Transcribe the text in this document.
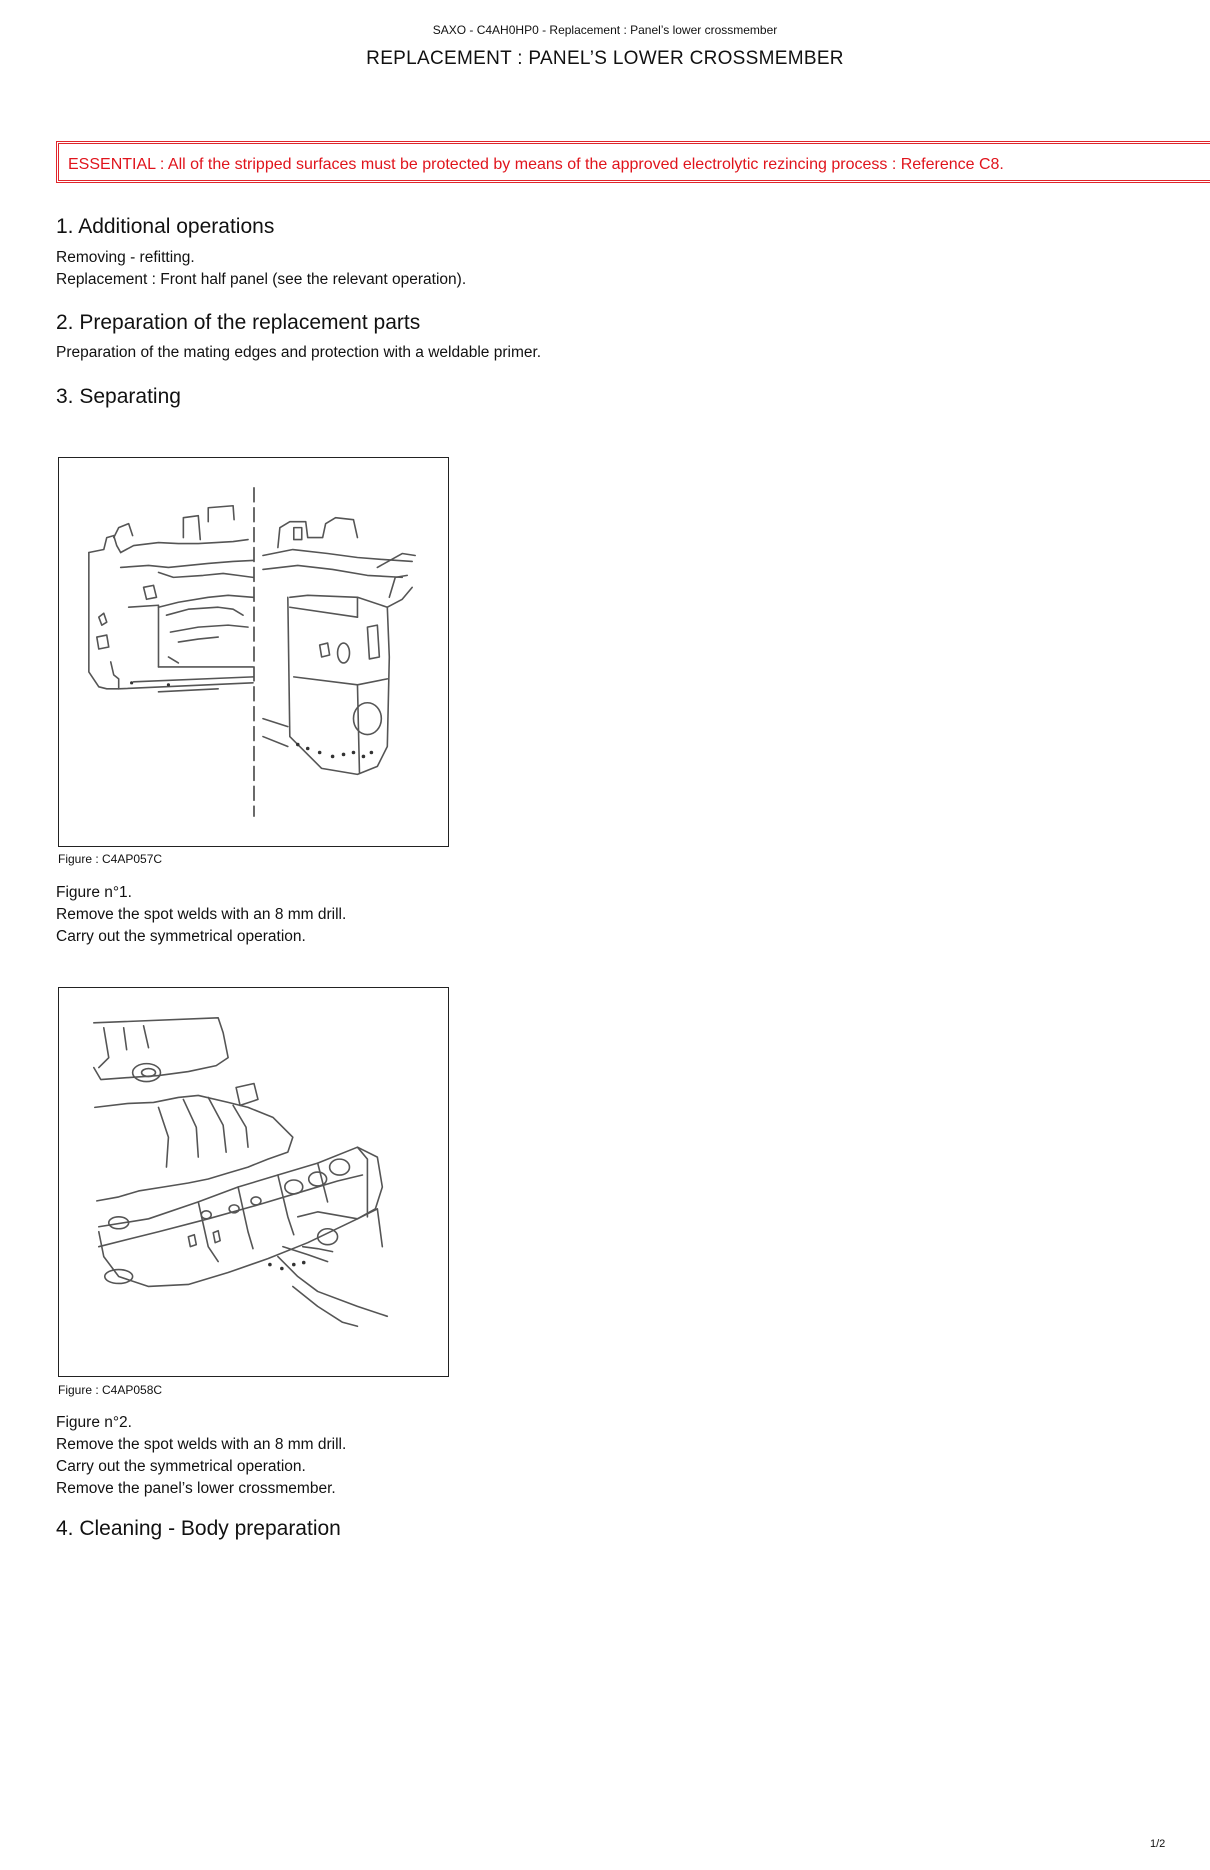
SAXO - C4AH0HP0 - Replacement : Panel’s lower crossmember
REPLACEMENT : PANEL’S LOWER CROSSMEMBER
ESSENTIAL : All of the stripped surfaces must be protected by means of the approved electrolytic rezincing process : Reference C8.
1. Additional operations
Removing - refitting.
Replacement : Front half panel (see the relevant operation).
2. Preparation of the replacement parts
Preparation of the mating edges and protection with a weldable primer.
3. Separating
Figure : C4AP057C
Figure n°1.
Remove the spot welds with an 8 mm drill.
Carry out the symmetrical operation.
Figure : C4AP058C
Figure n°2.
Remove the spot welds with an 8 mm drill.
Carry out the symmetrical operation.
Remove the panel’s lower crossmember.
4. Cleaning - Body preparation
1/2
